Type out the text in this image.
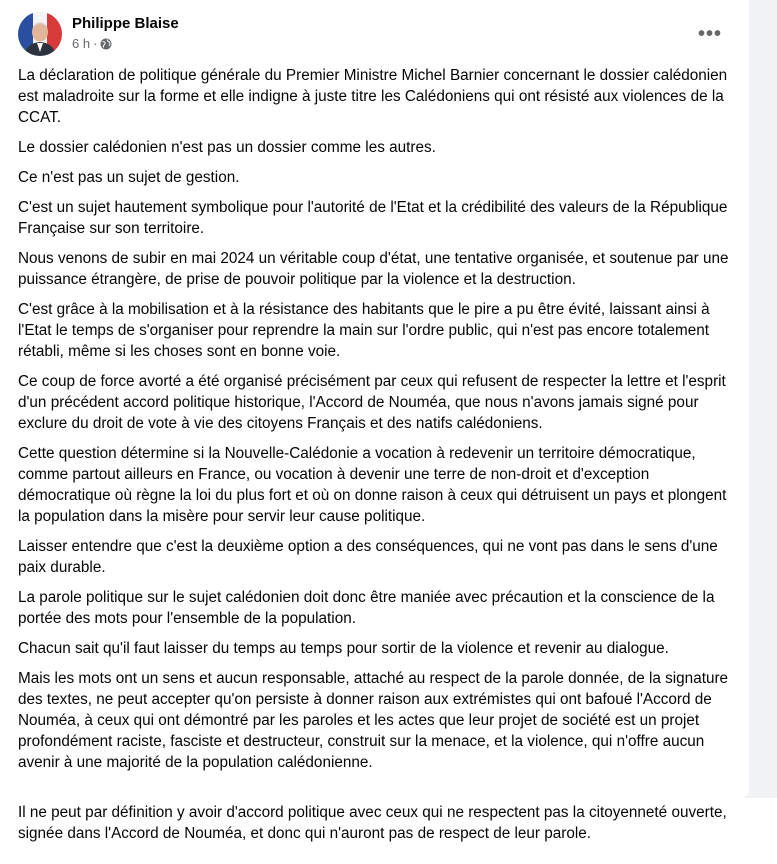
Philippe Blaise
6 h ·	•••

La déclaration de politique générale du Premier Ministre Michel Barnier concernant le dossier calédonien est maladroite sur la forme et elle indigne à juste titre les Calédoniens qui ont résisté aux violences de la CCAT.

Le dossier calédonien n'est pas un dossier comme les autres.

Ce n'est pas un sujet de gestion.

C'est un sujet hautement symbolique pour l'autorité de l'Etat et la crédibilité des valeurs de la République Française sur son territoire.

Nous venons de subir en mai 2024 un véritable coup d'état, une tentative organisée, et soutenue par une puissance étrangère, de prise de pouvoir politique par la violence et la destruction.

C'est grâce à la mobilisation et à la résistance des habitants que le pire a pu être évité, laissant ainsi à l'Etat le temps de s'organiser pour reprendre la main sur l'ordre public, qui n'est pas encore totalement rétabli, même si les choses sont en bonne voie.

Ce coup de force avorté a été organisé précisément par ceux qui refusent de respecter la lettre et l'esprit d'un précédent accord politique historique, l'Accord de Nouméa, que nous n'avons jamais signé pour exclure du droit de vote à vie des citoyens Français et des natifs calédoniens.

Cette question détermine si la Nouvelle-Calédonie a vocation à redevenir un territoire démocratique, comme partout ailleurs en France, ou vocation à devenir une terre de non-droit et d'exception démocratique où règne la loi du plus fort et où on donne raison à ceux qui détruisent un pays et plongent la population dans la misère pour servir leur cause politique.

Laisser entendre que c'est la deuxième option a des conséquences, qui ne vont pas dans le sens d'une paix durable.

La parole politique sur le sujet calédonien doit donc être maniée avec précaution et la conscience de la portée des mots pour l'ensemble de la population.

Chacun sait qu'il faut laisser du temps au temps pour sortir de la violence et revenir au dialogue.

Mais les mots ont un sens et aucun responsable, attaché au respect de la parole donnée, de la signature des textes, ne peut accepter qu'on persiste à donner raison aux extrémistes qui ont bafoué l'Accord de Nouméa, à ceux qui ont démontré par les paroles et les actes que leur projet de société est un projet profondément raciste, fasciste et destructeur, construit sur la menace, et la violence, qui n'offre aucun avenir à une majorité de la population calédonienne.

Il ne peut par définition y avoir d'accord politique avec ceux qui ne respectent pas la citoyenneté ouverte, signée dans l'Accord de Nouméa, et donc qui n'auront pas de respect de leur parole.
